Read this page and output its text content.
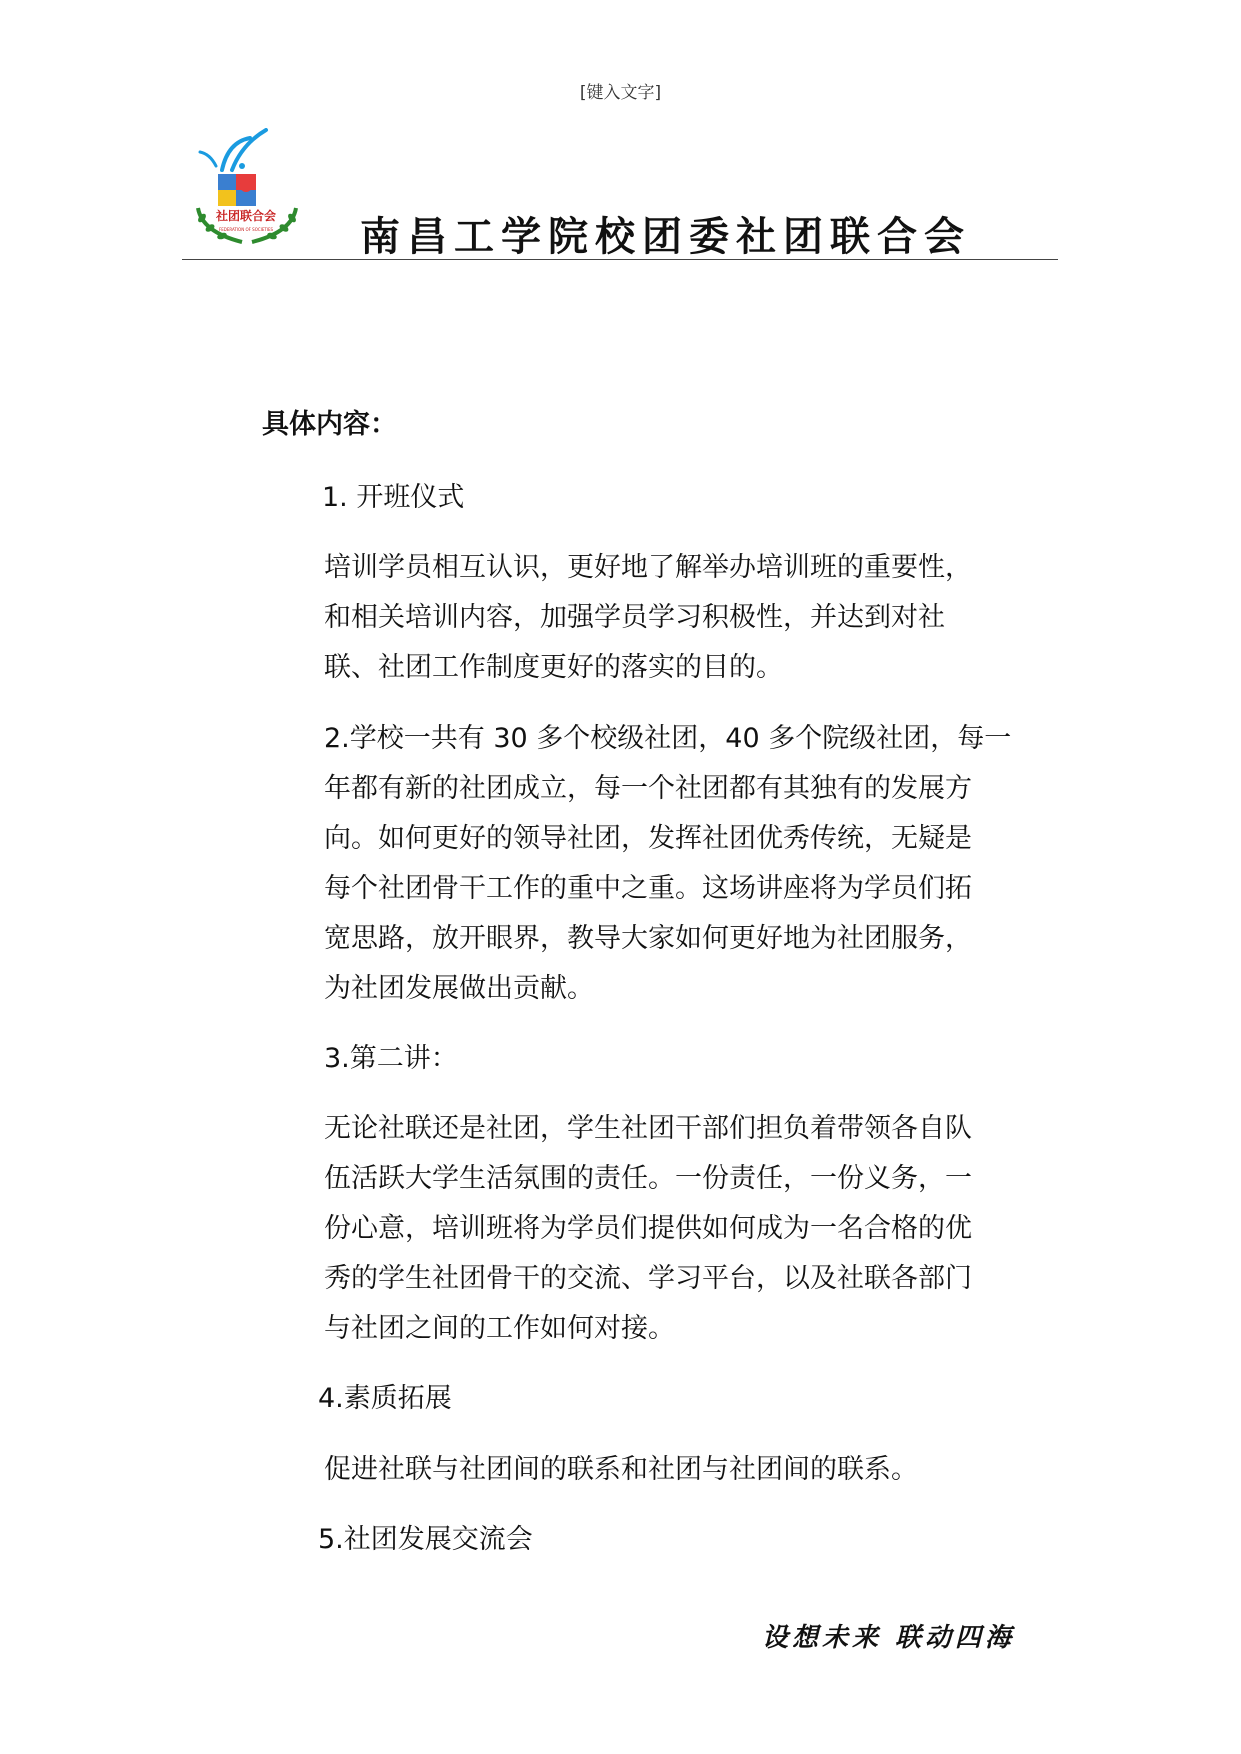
[键入文字]
社团联合会
FEDERATION OF SOCIETIES 南昌工学院校团委社团联合会
具体内容：
1. 开班仪式
培训学员相互认识，更好地了解举办培训班的重要性，
和相关培训内容，加强学员学习积极性，并达到对社
联、社团工作制度更好的落实的目的。
2.学校一共有 30 多个校级社团，40 多个院级社团，每一
年都有新的社团成立，每一个社团都有其独有的发展方
向。如何更好的领导社团，发挥社团优秀传统，无疑是
每个社团骨干工作的重中之重。这场讲座将为学员们拓
宽思路，放开眼界，教导大家如何更好地为社团服务，
为社团发展做出贡献。
3.第二讲：
无论社联还是社团，学生社团干部们担负着带领各自队
伍活跃大学生活氛围的责任。一份责任，一份义务，一
份心意，培训班将为学员们提供如何成为一名合格的优
秀的学生社团骨干的交流、学习平台，以及社联各部门
与社团之间的工作如何对接。
4.素质拓展
促进社联与社团间的联系和社团与社团间的联系。
5.社团发展交流会
设想未来 联动四海
